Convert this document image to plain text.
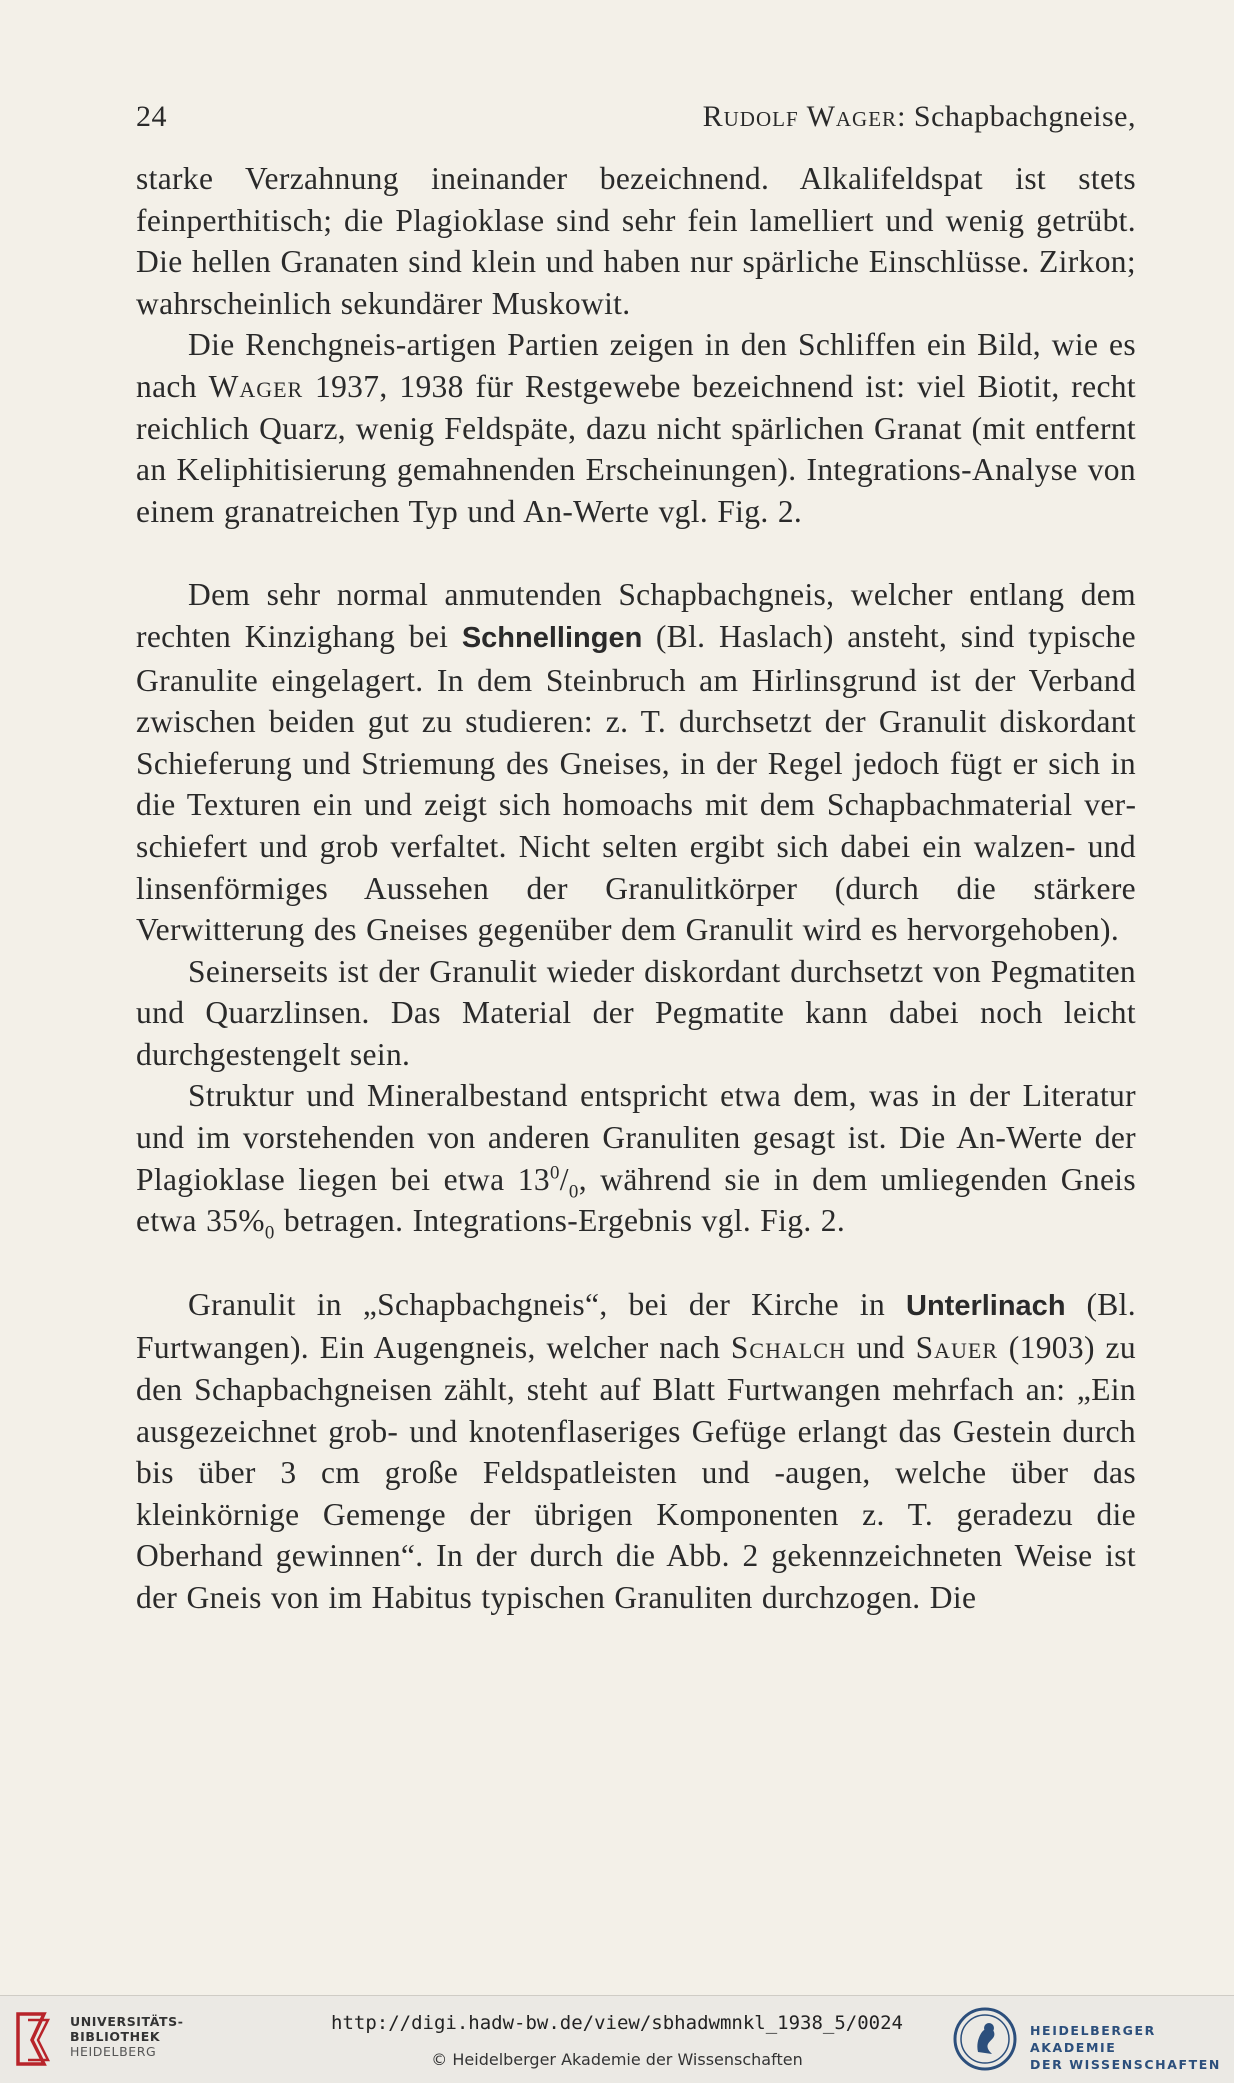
24	Rudolf Wager: Schapbachgneise,

starke Verzahnung ineinander bezeichnend. Alkalifeldspat ist stets feinperthitisch; die Plagioklase sind sehr fein lamelliert und wenig getrübt. Die hellen Granaten sind klein und haben nur spärliche Einschlüsse. Zirkon; wahrscheinlich sekundärer Muskowit.

Die Renchgneis-artigen Partien zeigen in den Schliffen ein Bild, wie es nach Wager 1937, 1938 für Restgewebe bezeichnend ist: viel Biotit, recht reichlich Quarz, wenig Feldspäte, dazu nicht spärlichen Granat (mit entfernt an Keliphitisierung gemahnenden Erscheinungen). Integrations-Analyse von einem granatreichen Typ und An-Werte vgl. Fig. 2.

Dem sehr normal anmutenden Schapbachgneis, welcher entlang dem rechten Kinzighang bei Schnellingen (Bl. Haslach) ansteht, sind typische Granulite eingelagert. In dem Steinbruch am Hirlinsgrund ist der Verband zwischen beiden gut zu studieren: z. T. durchsetzt der Granulit diskordant Schieferung und Striemung des Gneises, in der Regel jedoch fügt er sich in die Texturen ein und zeigt sich homoachs mit dem Schapbachmaterial verschiefert und grob verfaltet. Nicht selten ergibt sich dabei ein walzen- und linsenförmiges Aussehen der Granulitkörper (durch die stärkere Verwitterung des Gneises gegenüber dem Granulit wird es hervorgehoben).

Seinerseits ist der Granulit wieder diskordant durchsetzt von Pegmatiten und Quarzlinsen. Das Material der Pegmatite kann dabei noch leicht durchgestengelt sein.

Struktur und Mineralbestand entspricht etwa dem, was in der Literatur und im vorstehenden von anderen Granuliten gesagt ist. Die An-Werte der Plagioklase liegen bei etwa $13^0/_0$, während sie in dem umliegenden Gneis etwa $35\%_0$ betragen. Integrations-Ergebnis vgl. Fig. 2.

Granulit in „Schapbachgneis“, bei der Kirche in Unterlinach (Bl. Furtwangen). Ein Augengneis, welcher nach Schalch und Sauer (1903) zu den Schapbachgneisen zählt, steht auf Blatt Furtwangen mehrfach an: „Ein ausgezeichnet grob- und knotenflaseriges Gefüge erlangt das Gestein durch bis über 3 cm große Feldspatleisten und -augen, welche über das kleinkörnige Gemenge der übrigen Komponenten z. T. geradezu die Oberhand gewinnen“. In der durch die Abb. 2 gekennzeichneten Weise ist der Gneis von im Habitus typischen Granuliten durchzogen. Die

UNIVERSITÄTS-
BIBLIOTHEK
HEIDELBERG
http://digi.hadw-bw.de/view/sbhadwmnkl_1938_5/0024
© Heidelberger Akademie der Wissenschaften
HEIDELBERGER AKADEMIE
DER WISSENSCHAFTEN
